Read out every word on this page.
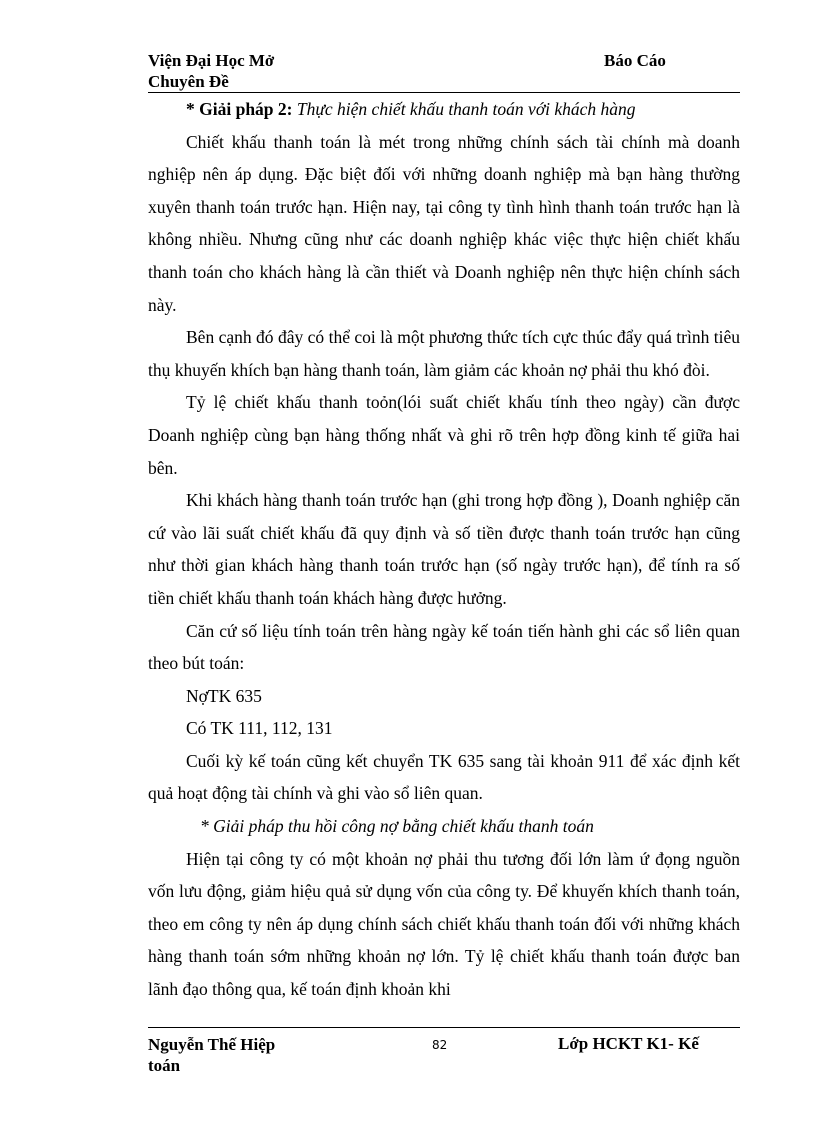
Viện Đại Học Mở
Chuyên Đề
Báo Cáo

* Giải pháp 2: Thực hiện chiết khấu thanh toán với khách hàng

Chiết khấu thanh toán là mét trong những chính sách tài chính mà doanh nghiệp nên áp dụng. Đặc biệt đối với những doanh nghiệp mà bạn hàng thường xuyên thanh toán trước hạn. Hiện nay, tại công ty tình hình thanh toán trước hạn là không nhiều. Nhưng cũng như các doanh nghiệp khác việc thực hiện chiết khấu thanh toán cho khách hàng là cần thiết và Doanh nghiệp nên thực hiện chính sách này.

Bên cạnh đó đây có thể coi là một phương thức tích cực thúc đẩy quá trình tiêu thụ khuyến khích bạn hàng thanh toán, làm giảm các khoản nợ phải thu khó đòi.

Tỷ lệ chiết khấu thanh toỏn(lói suất chiết khấu tính theo ngày) cần được Doanh nghiệp cùng bạn hàng thống nhất và ghi rõ trên hợp đồng kinh tế giữa hai bên.

Khi khách hàng thanh toán trước hạn (ghi trong hợp đồng ), Doanh nghiệp căn cứ vào lãi suất chiết khấu đã quy định và số tiền được thanh toán trước hạn cũng như thời gian khách hàng thanh toán trước hạn (số ngày trước hạn), để tính ra số tiền chiết khấu thanh toán khách hàng được hưởng.

Căn cứ số liệu tính toán trên hàng ngày kế toán tiến hành ghi các sổ liên quan theo bút toán:

NợTK 635

Có TK 111, 112, 131

Cuối kỳ kế toán cũng kết chuyển TK 635 sang tài khoản 911 để xác định kết quả hoạt động tài chính và ghi vào sổ liên quan.

* Giải pháp thu hồi công nợ bằng chiết khấu thanh toán

Hiện tại công ty có một khoản nợ phải thu tương đối lớn làm ứ đọng nguồn vốn lưu động, giảm hiệu quả sử dụng vốn của công ty. Để khuyến khích thanh toán, theo em công ty nên áp dụng chính sách chiết khấu thanh toán đối với những khách hàng thanh toán sớm những khoản nợ lớn. Tỷ lệ chiết khấu thanh toán được ban lãnh đạo thông qua, kế toán định khoản khi

Nguyễn Thế Hiệp
toán
82	Lớp HCKT K1- Kế
